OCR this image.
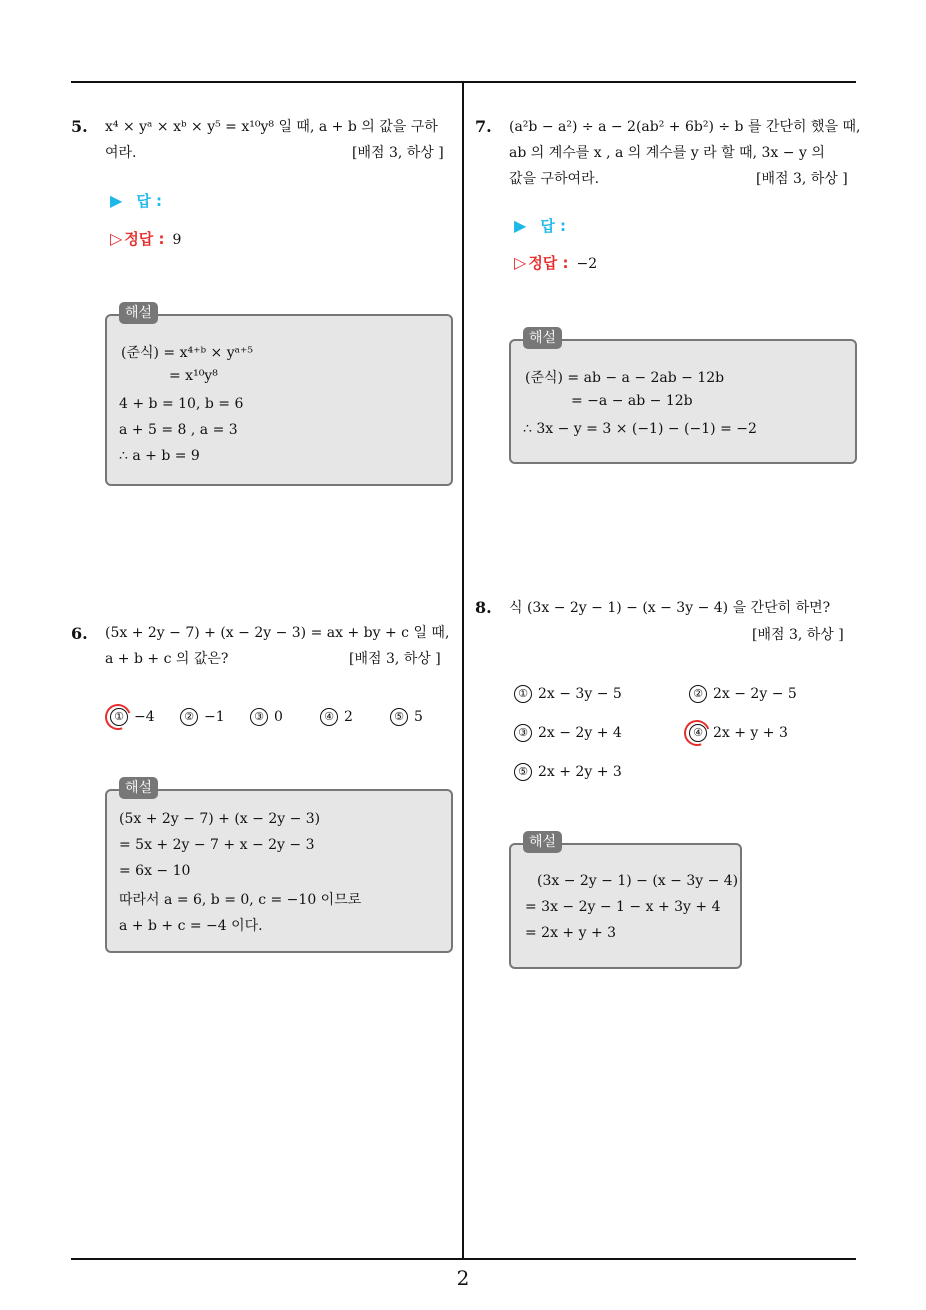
5. x⁴ × yᵃ × xᵇ × y⁵ = x¹⁰y⁸ 일 때, a + b 의 값을 구하
여라.	[배점 3, 하상 ]
▶ 답 :
▷ 정답 : 9
해설
(준식) = x⁴⁺ᵇ × yᵃ⁺⁵
= x¹⁰y⁸
4 + b = 10, b = 6
a + 5 = 8 , a = 3
∴ a + b = 9
6. (5x + 2y − 7) + (x − 2y − 3) = ax + by + c 일 때,
a + b + c 의 값은?	[배점 3, 하상 ]
① −4	② −1	③ 0	④ 2	⑤ 5
해설
(5x + 2y − 7) + (x − 2y − 3)
= 5x + 2y − 7 + x − 2y − 3
= 6x − 10
따라서 a = 6, b = 0, c = −10 이므로
a + b + c = −4 이다.
7. (a²b − a²) ÷ a − 2(ab² + 6b²) ÷ b 를 간단히 했을 때,
ab 의 계수를 x , a 의 계수를 y 라 할 때, 3x − y 의
값을 구하여라.	[배점 3, 하상 ]
▶ 답 :
▷ 정답 : −2
해설
(준식) = ab − a − 2ab − 12b
= −a − ab − 12b
∴ 3x − y = 3 × (−1) − (−1) = −2
8. 식 (3x − 2y − 1) − (x − 3y − 4) 을 간단히 하면?
[배점 3, 하상 ]
① 2x − 3y − 5	② 2x − 2y − 5
③ 2x − 2y + 4	④ 2x + y + 3
⑤ 2x + 2y + 3
해설
(3x − 2y − 1) − (x − 3y − 4)
= 3x − 2y − 1 − x + 3y + 4
= 2x + y + 3
2
